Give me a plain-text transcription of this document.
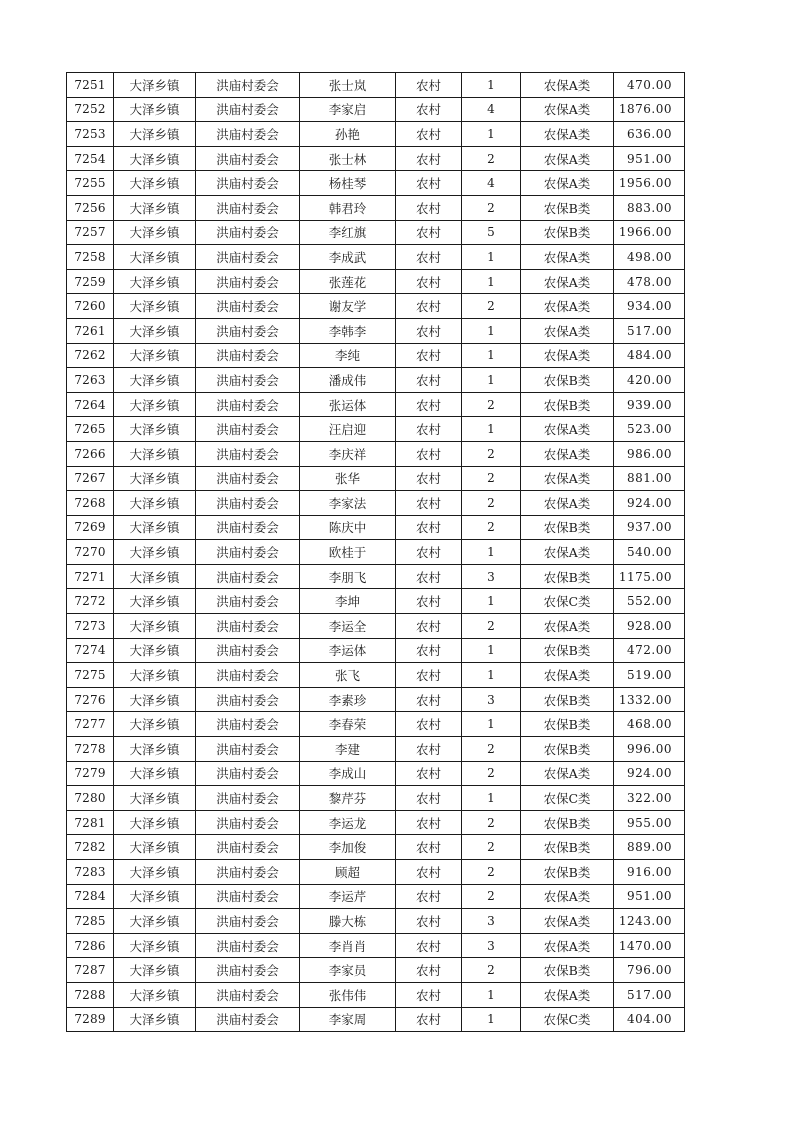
7251	大泽乡镇	洪庙村委会	张士岚	农村	1	农保A类	470.00
7252	大泽乡镇	洪庙村委会	李家启	农村	4	农保A类	1876.00
7253	大泽乡镇	洪庙村委会	孙艳	农村	1	农保A类	636.00
7254	大泽乡镇	洪庙村委会	张士林	农村	2	农保A类	951.00
7255	大泽乡镇	洪庙村委会	杨桂琴	农村	4	农保A类	1956.00
7256	大泽乡镇	洪庙村委会	韩君玲	农村	2	农保B类	883.00
7257	大泽乡镇	洪庙村委会	李红旗	农村	5	农保B类	1966.00
7258	大泽乡镇	洪庙村委会	李成武	农村	1	农保A类	498.00
7259	大泽乡镇	洪庙村委会	张莲花	农村	1	农保A类	478.00
7260	大泽乡镇	洪庙村委会	谢友学	农村	2	农保A类	934.00
7261	大泽乡镇	洪庙村委会	李韩李	农村	1	农保A类	517.00
7262	大泽乡镇	洪庙村委会	李纯	农村	1	农保A类	484.00
7263	大泽乡镇	洪庙村委会	潘成伟	农村	1	农保B类	420.00
7264	大泽乡镇	洪庙村委会	张运体	农村	2	农保B类	939.00
7265	大泽乡镇	洪庙村委会	汪启迎	农村	1	农保A类	523.00
7266	大泽乡镇	洪庙村委会	李庆祥	农村	2	农保A类	986.00
7267	大泽乡镇	洪庙村委会	张华	农村	2	农保A类	881.00
7268	大泽乡镇	洪庙村委会	李家法	农村	2	农保A类	924.00
7269	大泽乡镇	洪庙村委会	陈庆中	农村	2	农保B类	937.00
7270	大泽乡镇	洪庙村委会	欧桂于	农村	1	农保A类	540.00
7271	大泽乡镇	洪庙村委会	李朋飞	农村	3	农保B类	1175.00
7272	大泽乡镇	洪庙村委会	李坤	农村	1	农保C类	552.00
7273	大泽乡镇	洪庙村委会	李运全	农村	2	农保A类	928.00
7274	大泽乡镇	洪庙村委会	李运体	农村	1	农保B类	472.00
7275	大泽乡镇	洪庙村委会	张飞	农村	1	农保A类	519.00
7276	大泽乡镇	洪庙村委会	李素珍	农村	3	农保B类	1332.00
7277	大泽乡镇	洪庙村委会	李春荣	农村	1	农保B类	468.00
7278	大泽乡镇	洪庙村委会	李建	农村	2	农保B类	996.00
7279	大泽乡镇	洪庙村委会	李成山	农村	2	农保A类	924.00
7280	大泽乡镇	洪庙村委会	黎芹芬	农村	1	农保C类	322.00
7281	大泽乡镇	洪庙村委会	李运龙	农村	2	农保B类	955.00
7282	大泽乡镇	洪庙村委会	李加俊	农村	2	农保B类	889.00
7283	大泽乡镇	洪庙村委会	顾超	农村	2	农保B类	916.00
7284	大泽乡镇	洪庙村委会	李运芹	农村	2	农保A类	951.00
7285	大泽乡镇	洪庙村委会	滕大栋	农村	3	农保A类	1243.00
7286	大泽乡镇	洪庙村委会	李肖肖	农村	3	农保A类	1470.00
7287	大泽乡镇	洪庙村委会	李家员	农村	2	农保B类	796.00
7288	大泽乡镇	洪庙村委会	张伟伟	农村	1	农保A类	517.00
7289	大泽乡镇	洪庙村委会	李家周	农村	1	农保C类	404.00
